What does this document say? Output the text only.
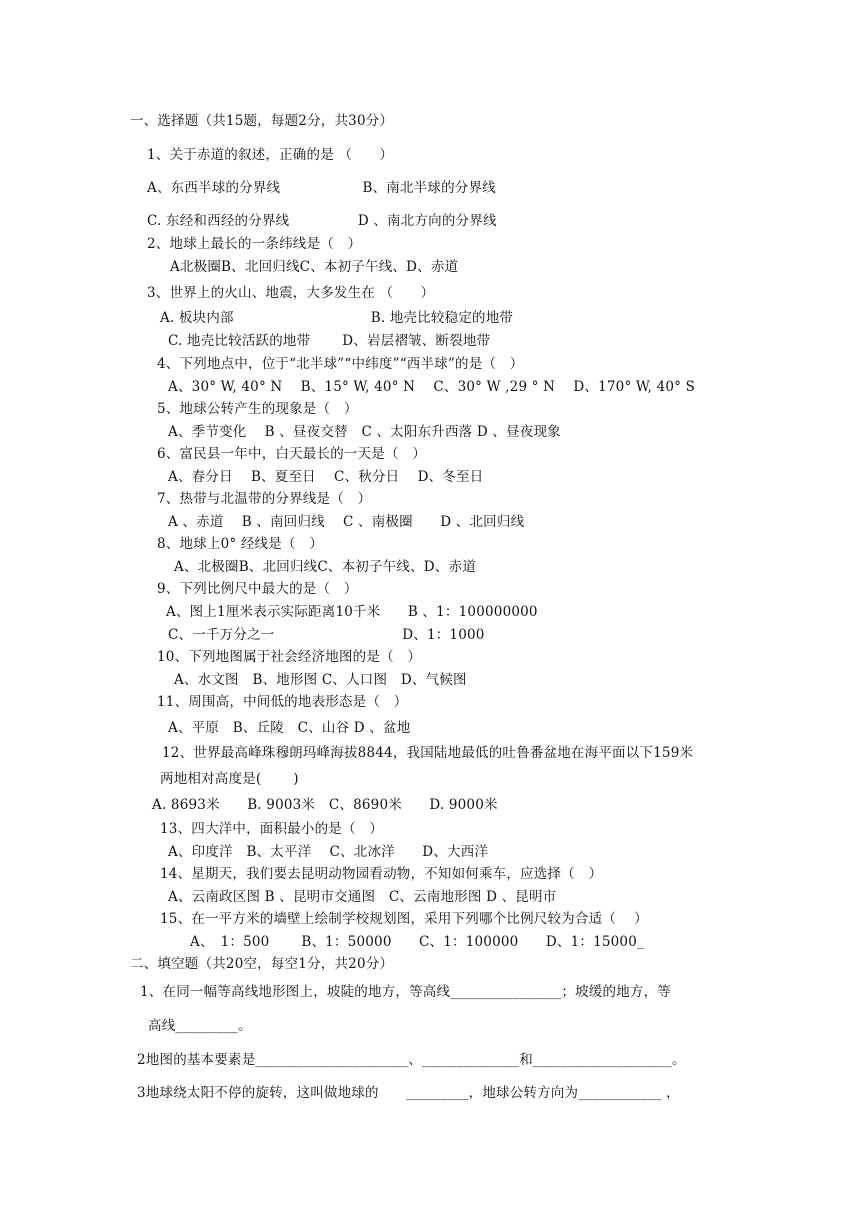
一、选择题（共15题，每题2分，共30分）
1、关于赤道的叙述，正确的是 （　　）
A、东西半球的分界线　　　　　　B、南北半球的分界线
C. 东经和西经的分界线　　　　　D 、南北方向的分界线
2、地球上最长的一条纬线是（　）
A北极圈B、北回归线C、本初子午线、D、赤道
3、世界上的火山、地震，大多发生在 （　　）
A. 板块内部　　　　　　　　　　B. 地壳比较稳定的地带
C. 地壳比较活跃的地带　　 D、岩层褶皱、断裂地带
4、下列地点中，位于“北半球”“中纬度”“西半球”的是（　）
A、30° W, 40° N　 B、15° W, 40° N　 C、30° W ,29 ° N　 D、170° W, 40° S
5、地球公转产生的现象是（　）
A、季节变化　 B 、昼夜交替　C 、太阳东升西落 D 、昼夜现象
6、富民县一年中，白天最长的一天是（　）
A、春分日　 B、夏至日　 C、秋分日　 D、冬至日
7、热带与北温带的分界线是（　）
A 、赤道　 B 、南回归线　 C 、南极圈　　D 、北回归线
8、地球上0° 经线是（　）
A、北极圈B、北回归线C、本初子午线、D、赤道
9、下列比例尺中最大的是（　）
A、图上1厘米表示实际距离10千米　　B 、1：100000000
C、一千万分之一　　　　　　　　　 D、1：1000
10、下列地图属于社会经济地图的是（　）
A、水文图　B、地形图 C、人口图　D、气候图
11、周围高，中间低的地表形态是（　）
A、平原　B、丘陵　C、山谷 D 、盆地
12、世界最高峰珠穆朗玛峰海拔8844，我国陆地最低的吐鲁番盆地在海平面以下159米
两地相对高度是(　　 )
A. 8693米　　B. 9003米　C、8690米　　D. 9000米
13、四大洋中，面积最小的是（　）
A、印度洋　B、太平洋　 C、北冰洋　　D、大西洋
14、星期天，我们要去昆明动物园看动物，不知如何乘车，应选择（　）
A、云南政区图 B 、昆明市交通图　C、云南地形图 D 、昆明市
15、在一平方米的墙壁上绘制学校规划图，采用下列哪个比例尺较为合适（　 ）
A、　1：500　　 B、1：50000　　C、1：100000　　D、1：15000_
二、填空题（共20空，每空1分，共20分）
1、在同一幅等高线地形图上，坡陡的地方，等高线________________；坡缓的地方，等
高线_________。
2地图的基本要素是______________________、______________和____________________。
3地球绕太阳不停的旋转，这叫做地球的　　_________，地球公转方向为____________ ，
